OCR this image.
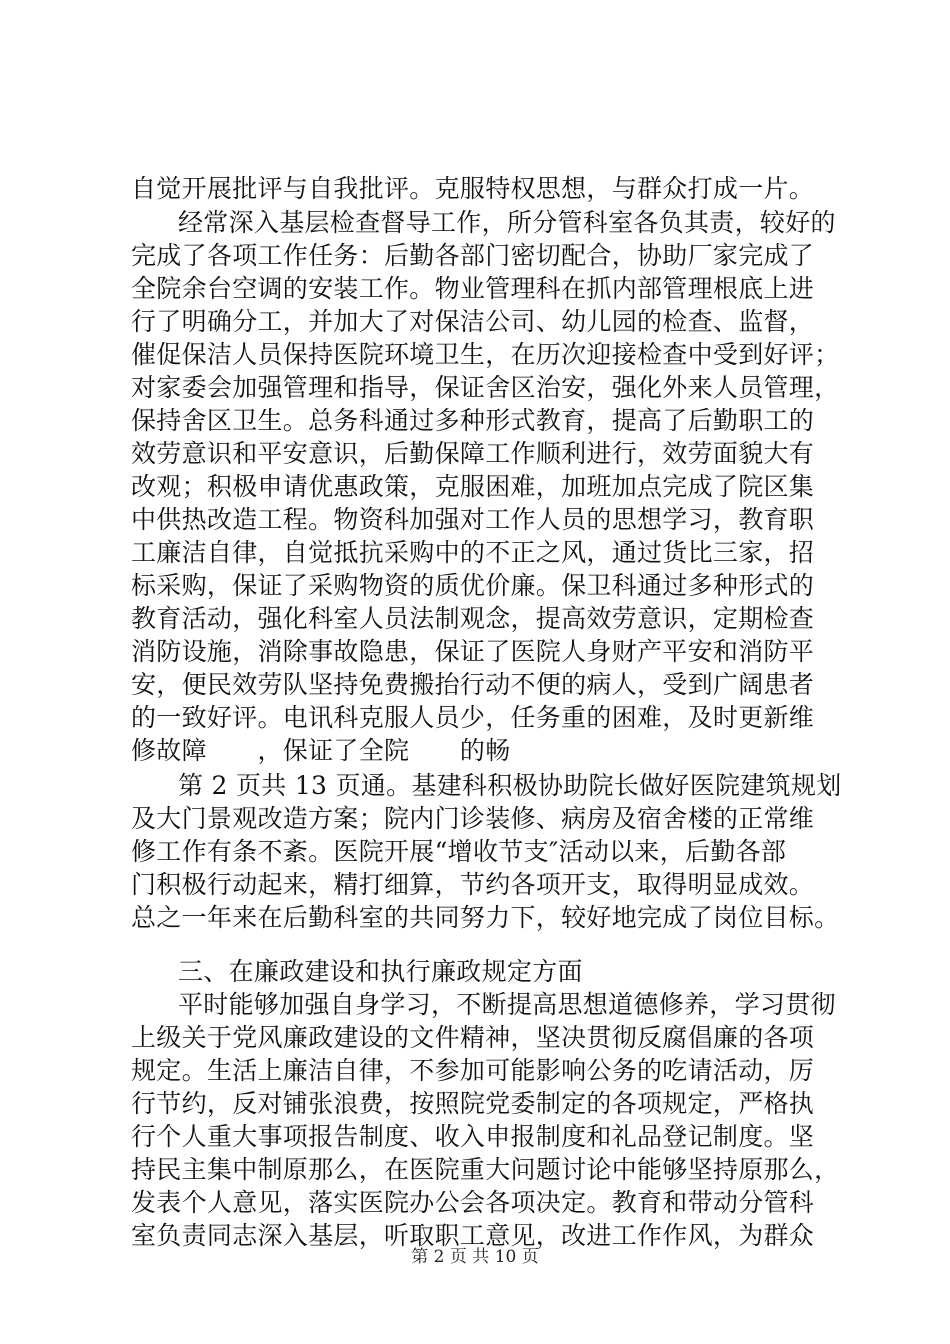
自觉开展批评与自我批评。克服特权思想，与群众打成一片。
经常深入基层检查督导工作，所分管科室各负其责，较好的
完成了各项工作任务：后勤各部门密切配合，协助厂家完成了
全院余台空调的安装工作。物业管理科在抓内部管理根底上进
行了明确分工，并加大了对保洁公司、幼儿园的检查、监督，
催促保洁人员保持医院环境卫生，在历次迎接检查中受到好评；
对家委会加强管理和指导，保证舍区治安，强化外来人员管理，
保持舍区卫生。总务科通过多种形式教育，提高了后勤职工的
效劳意识和平安意识，后勤保障工作顺利进行，效劳面貌大有
改观；积极申请优惠政策，克服困难，加班加点完成了院区集
中供热改造工程。物资科加强对工作人员的思想学习，教育职
工廉洁自律，自觉抵抗采购中的不正之风，通过货比三家，招
标采购，保证了采购物资的质优价廉。保卫科通过多种形式的
教育活动，强化科室人员法制观念，提高效劳意识，定期检查
消防设施，消除事故隐患，保证了医院人身财产平安和消防平
安，便民效劳队坚持免费搬抬行动不便的病人，受到广阔患者
的一致好评。电讯科克服人员少，任务重的困难，及时更新维
修故障　　，保证了全院　　的畅
第 2 页共 13 页通。基建科积极协助院长做好医院建筑规划
及大门景观改造方案；院内门诊装修、病房及宿舍楼的正常维
修工作有条不紊。医院开展“增收节支″活动以来，后勤各部
门积极行动起来，精打细算，节约各项开支，取得明显成效。
总之一年来在后勤科室的共同努力下，较好地完成了岗位目标。
三、在廉政建设和执行廉政规定方面
平时能够加强自身学习，不断提高思想道德修养，学习贯彻
上级关于党风廉政建设的文件精神，坚决贯彻反腐倡廉的各项
规定。生活上廉洁自律，不参加可能影响公务的吃请活动，厉
行节约，反对铺张浪费，按照院党委制定的各项规定，严格执
行个人重大事项报告制度、收入申报制度和礼品登记制度。坚
持民主集中制原那么，在医院重大问题讨论中能够坚持原那么，
发表个人意见，落实医院办公会各项决定。教育和带动分管科
室负责同志深入基层，听取职工意见，改进工作作风，为群众
第 2 页 共 10 页
